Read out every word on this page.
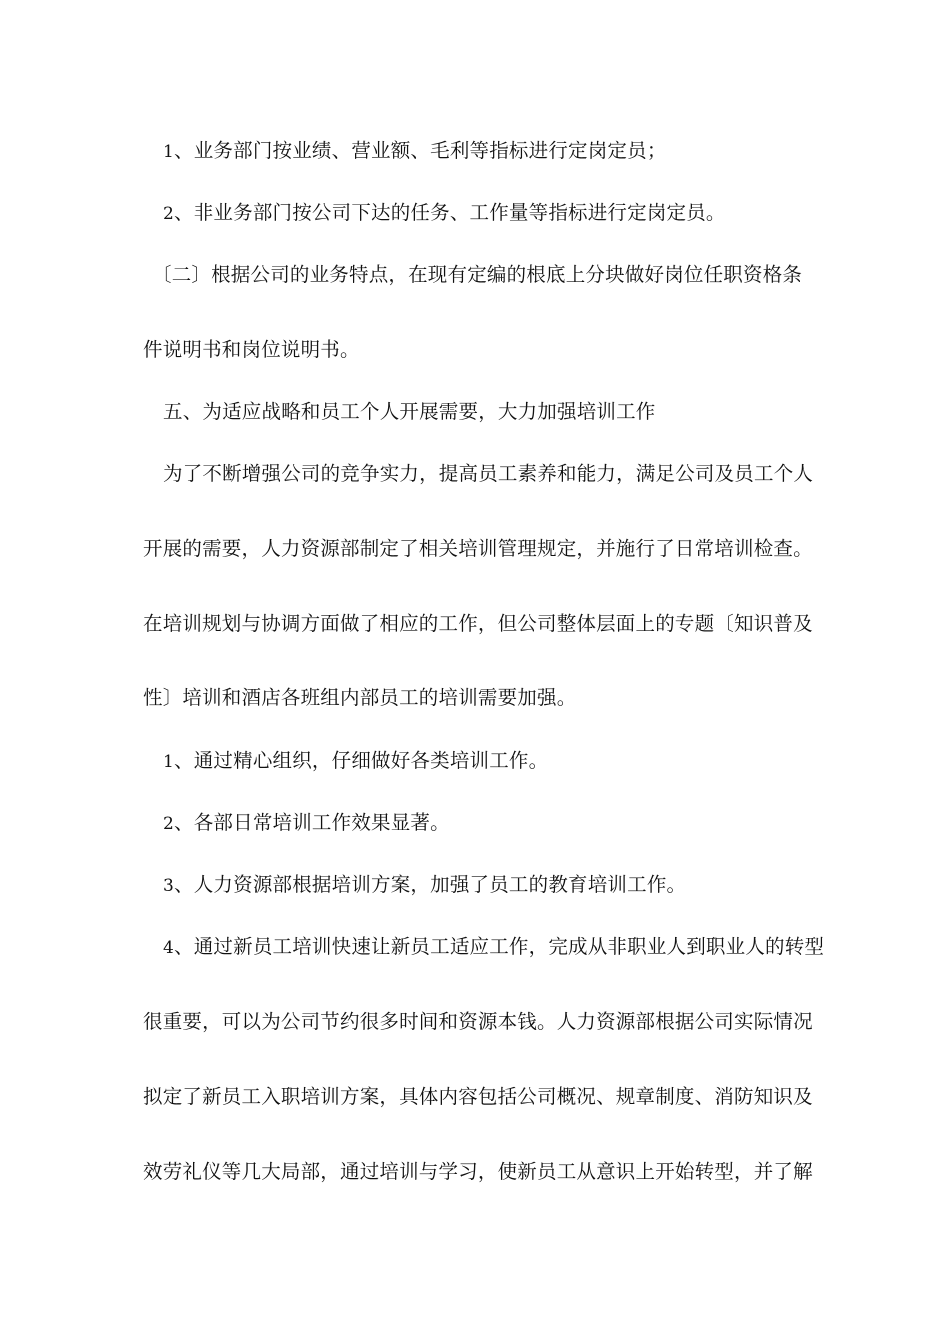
1、业务部门按业绩、营业额、毛利等指标进行定岗定员；
2、非业务部门按公司下达的任务、工作量等指标进行定岗定员。
〔二〕根据公司的业务特点，在现有定编的根底上分块做好岗位任职资格条
件说明书和岗位说明书。
五、为适应战略和员工个人开展需要，大力加强培训工作
为了不断增强公司的竞争实力，提高员工素养和能力，满足公司及员工个人
开展的需要，人力资源部制定了相关培训管理规定，并施行了日常培训检查。
在培训规划与协调方面做了相应的工作，但公司整体层面上的专题〔知识普及
性〕培训和酒店各班组内部员工的培训需要加强。
1、通过精心组织，仔细做好各类培训工作。
2、各部日常培训工作效果显著。
3、人力资源部根据培训方案，加强了员工的教育培训工作。
4、通过新员工培训快速让新员工适应工作，完成从非职业人到职业人的转型
很重要，可以为公司节约很多时间和资源本钱。人力资源部根据公司实际情况
拟定了新员工入职培训方案，具体内容包括公司概况、规章制度、消防知识及
效劳礼仪等几大局部，通过培训与学习，使新员工从意识上开始转型，并了解
